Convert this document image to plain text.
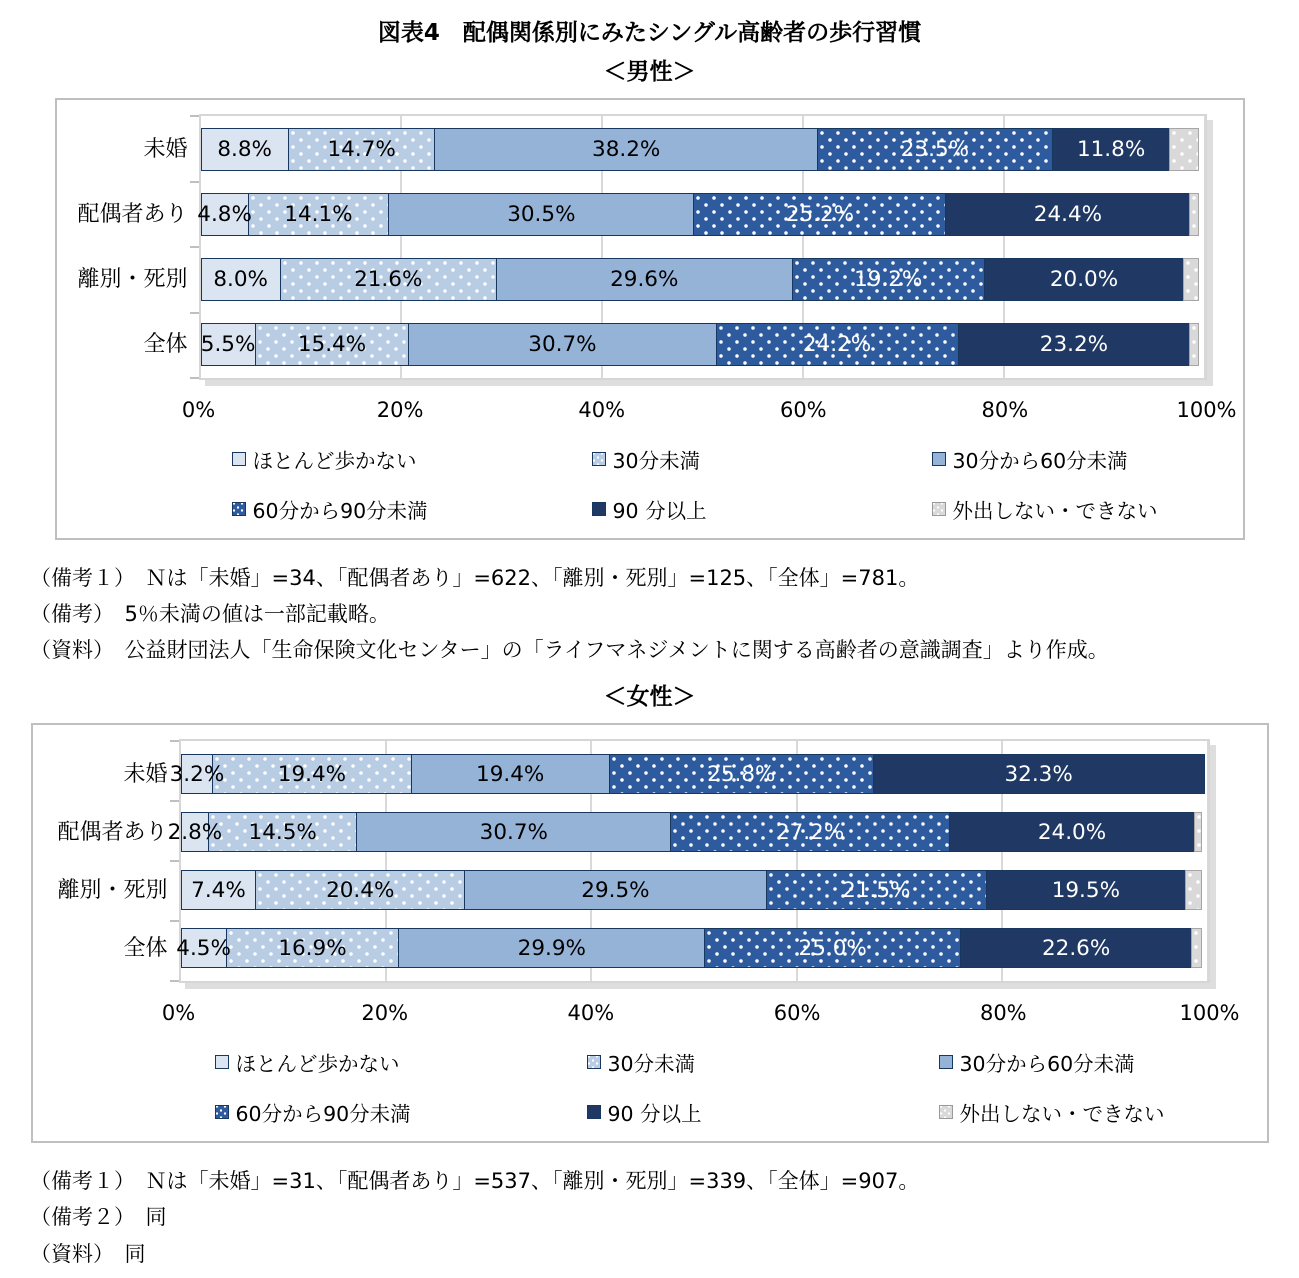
図表4　配偶関係別にみたシングル高齢者の歩行習慣
＜男性＞
未婚
配偶者あり
離別・死別
全体
8.8%	14.7%	38.2%	23.5%	11.8%
4.8% 14.1%	30.5%	25.2%	24.4%
8.0%	21.6%	29.6%	19.2%	20.0%
5.5% 15.4%	30.7%	24.2%	23.2%
0%	20%	40%	60%	80%	100%
ほとんど歩かない	30分未満	30分から60分未満
60分から90分未満	90 分以上	外出しない・できない
（備考１）　Ｎは「未婚」=34、「配偶者あり」=622、「離別・死別」=125、「全体」=781。
（備考）　5％未満の値は一部記載略。
（資料）　公益財団法人「生命保険文化センター」の「ライフマネジメントに関する高齢者の意識調査」より作成。
＜女性＞
未婚
配偶者あり
離別・死別
全体
3.2% 19.4%	19.4%	25.8%	32.3%
2.8% 14.5%	30.7%	27.2%	24.0%
7.4%	20.4%	29.5%	21.5%	19.5%
4.5% 16.9%	29.9%	25.0%	22.6%
0%	20%	40%	60%	80%	100%
ほとんど歩かない	30分未満	30分から60分未満
60分から90分未満	90 分以上	外出しない・できない
（備考１）　Ｎは「未婚」=31、「配偶者あり」=537、「離別・死別」=339、「全体」=907。
（備考２）　同
（資料）　同
